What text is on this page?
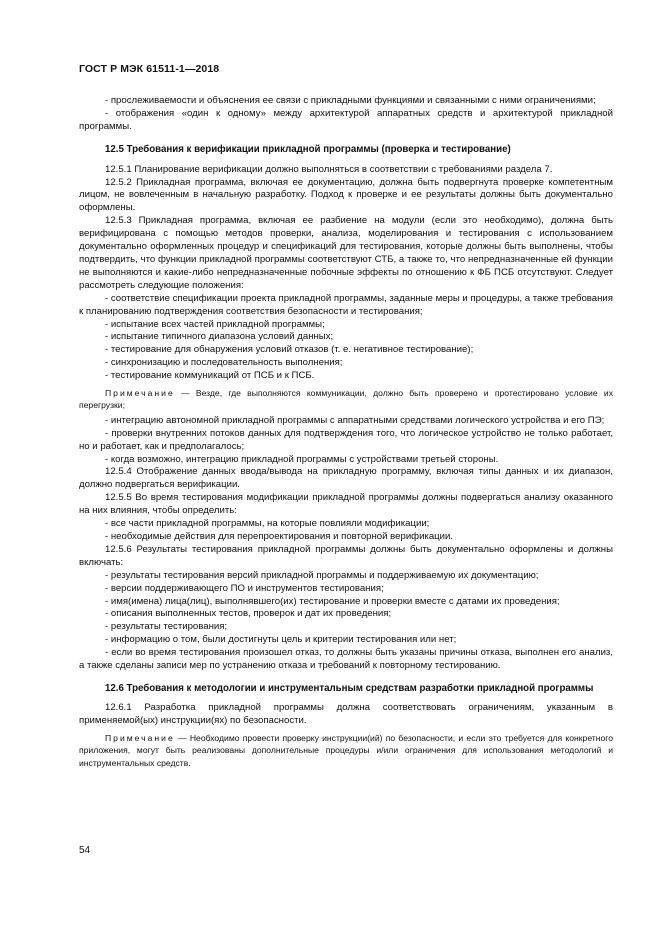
ГОСТ Р МЭК 61511-1—2018

- прослеживаемости и объяснения ее связи с прикладными функциями и связанными с ними ограничениями;

- отображения «один к одному» между архитектурой аппаратных средств и архитектурой прикладной программы.

12.5 Требования к верификации прикладной программы (проверка и тестирование)

12.5.1 Планирование верификации должно выполняться в соответствии с требованиями раздела 7.

12.5.2 Прикладная программа, включая ее документацию, должна быть подвергнута проверке компетентным лицом, не вовлеченным в начальную разработку. Подход к проверке и ее результаты должны быть документально оформлены.

12.5.3 Прикладная программа, включая ее разбиение на модули (если это необходимо), должна быть верифицирована с помощью методов проверки, анализа, моделирования и тестирования с использованием документально оформленных процедур и спецификаций для тестирования, которые должны быть выполнены, чтобы подтвердить, что функции прикладной программы соответствуют СТБ, а также то, что непредназначенные ей функции не выполняются и какие-либо непредназначенные побочные эффекты по отношению к ФБ ПСБ отсутствуют. Следует рассмотреть следующие положения:

- соответствие спецификации проекта прикладной программы, заданные меры и процедуры, а также требования к планированию подтверждения соответствия безопасности и тестирования;

- испытание всех частей прикладной программы;

- испытание типичного диапазона условий данных;

- тестирование для обнаружения условий отказов (т. е. негативное тестирование);

- синхронизацию и последовательность выполнения;

- тестирование коммуникаций от ПСБ и к ПСБ.

Примечание — Везде, где выполняются коммуникации, должно быть проверено и протестировано условие их перегрузки;

- интеграцию автономной прикладной программы с аппаратными средствами логического устройства и его ПЭ;

- проверки внутренних потоков данных для подтверждения того, что логическое устройство не только работает, но и работает, как и предполагалось;

- когда возможно, интеграцию прикладной программы с устройствами третьей стороны.

12.5.4 Отображение данных ввода/вывода на прикладную программу, включая типы данных и их диапазон, должно подвергаться верификации.

12.5.5 Во время тестирования модификации прикладной программы должны подвергаться анализу оказанного на них влияния, чтобы определить:

- все части прикладной программы, на которые повлияли модификации;

- необходимые действия для перепроектирования и повторной верификации.

12.5.6 Результаты тестирования прикладной программы должны быть документально оформлены и должны включать:

- результаты тестирования версий прикладной программы и поддерживаемую их документацию;

- версии поддерживающего ПО и инструментов тестирования;

- имя(имена) лица(лиц), выполнявшего(их) тестирование и проверки вместе с датами их проведения;

- описания выполненных тестов, проверок и дат их проведения;

- результаты тестирования;

- информацию о том, были достигнуты цель и критерии тестирования или нет;

- если во время тестирования произошел отказ, то должны быть указаны причины отказа, выполнен его анализ, а также сделаны записи мер по устранению отказа и требований к повторному тестированию.

12.6 Требования к методологии и инструментальным средствам разработки прикладной программы

12.6.1 Разработка прикладной программы должна соответствовать ограничениям, указанным в применяемой(ых) инструкции(ях) по безопасности.

Примечание — Необходимо провести проверку инструкции(ий) по безопасности, и если это требуется для конкретного приложения, могут быть реализованы дополнительные процедуры и/или ограничения для использования методологий и инструментальных средств.

54
